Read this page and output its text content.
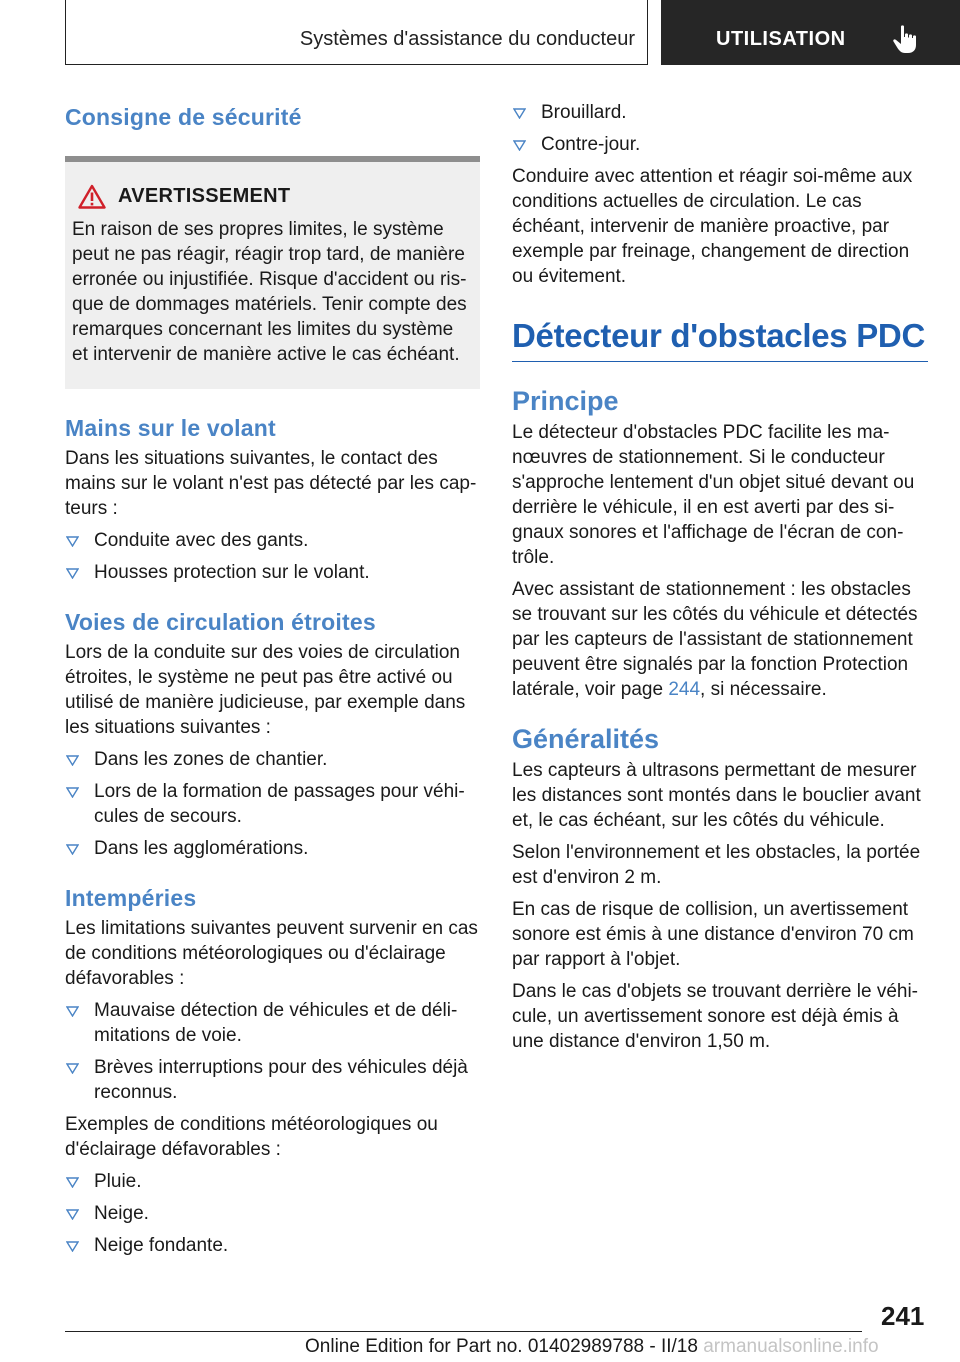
Systèmes d'assistance du conducteur	UTILISATION
Consigne de sécurité
AVERTISSEMENT

En raison de ses propres limites, le système peut ne pas réagir, réagir trop tard, de manière erronée ou injustifiée. Risque d'accident ou risque de dommages matériels. Tenir compte des remarques concernant les limites du système et intervenir de manière active le cas échéant.

Mains sur le volant

Dans les situations suivantes, le contact des mains sur le volant n'est pas détecté par les capteurs :

Conduite avec des gants.
Housses protection sur le volant.
Voies de circulation étroites

Lors de la conduite sur des voies de circulation étroites, le système ne peut pas être activé ou utilisé de manière judicieuse, par exemple dans les situations suivantes :

Dans les zones de chantier.
Lors de la formation de passages pour véhicules de secours.
Dans les agglomérations.
Intempéries

Les limitations suivantes peuvent survenir en cas de conditions météorologiques ou d'éclairage défavorables :

Mauvaise détection de véhicules et de délimitations de voie.
Brèves interruptions pour des véhicules déjà reconnus.

Exemples de conditions météorologiques ou d'éclairage défavorables :

Pluie.
Neige.
Neige fondante.
Brouillard.
Contre-jour.

Conduire avec attention et réagir soi-même aux conditions actuelles de circulation. Le cas échéant, intervenir de manière proactive, par exemple par freinage, changement de direction ou évitement.

Détecteur d'obstacles PDC
Principe

Le détecteur d'obstacles PDC facilite les manœuvres de stationnement. Si le conducteur s'approche lentement d'un objet situé devant ou derrière le véhicule, il en est averti par des signaux sonores et l'affichage de l'écran de contrôle.

Avec assistant de stationnement : les obstacles se trouvant sur les côtés du véhicule et détectés par les capteurs de l'assistant de stationnement peuvent être signalés par la fonction Protection latérale, voir page 244, si nécessaire.

Généralités

Les capteurs à ultrasons permettant de mesurer les distances sont montés dans le bouclier avant et, le cas échéant, sur les côtés du véhicule.

Selon l'environnement et les obstacles, la portée est d'environ 2 m.

En cas de risque de collision, un avertissement sonore est émis à une distance d'environ 70 cm par rapport à l'objet.

Dans le cas d'objets se trouvant derrière le véhicule, un avertissement sonore est déjà émis à une distance d'environ 1,50 m.

241
Online Edition for Part no. 01402989788 - II/18 armanualsonline.info
